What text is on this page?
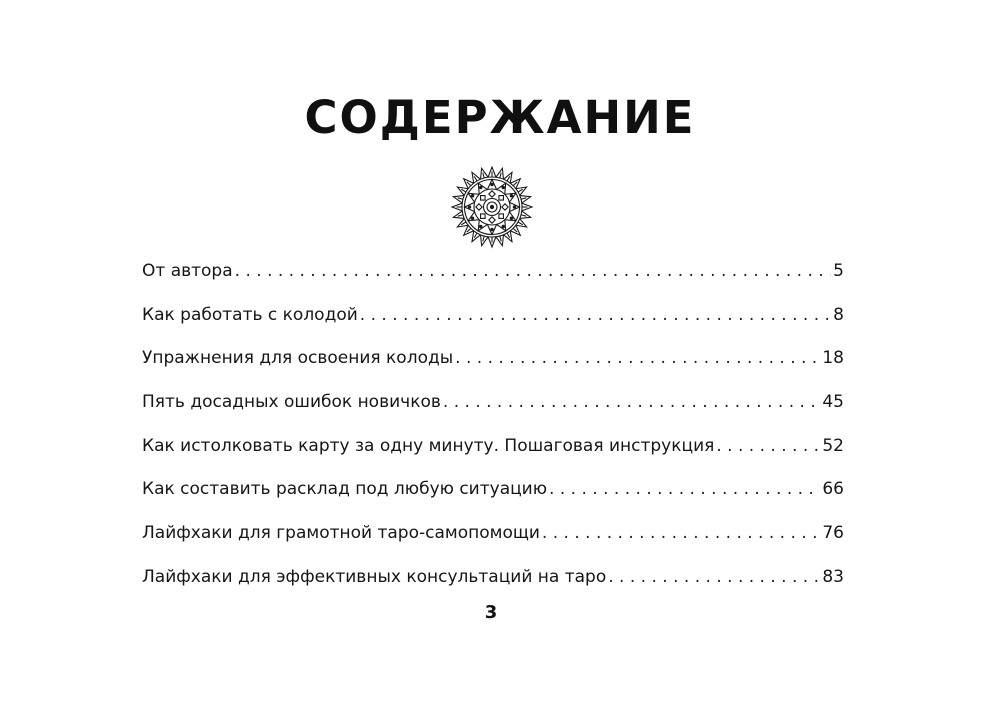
СОДЕРЖАНИЕ
От автора . . .	5
Как работать с колодой . . .	8
Упражнения для освоения колоды . . .	18
Пять досадных ошибок новичков . . .	45
Как истолковать карту за одну минуту. Пошаговая инструкция . . .	52
Как составить расклад под любую ситуацию . . .	66
Лайфхаки для грамотной таро-самопомощи . . .	76
Лайфхаки для эффективных консультаций на таро . . .	83
3
